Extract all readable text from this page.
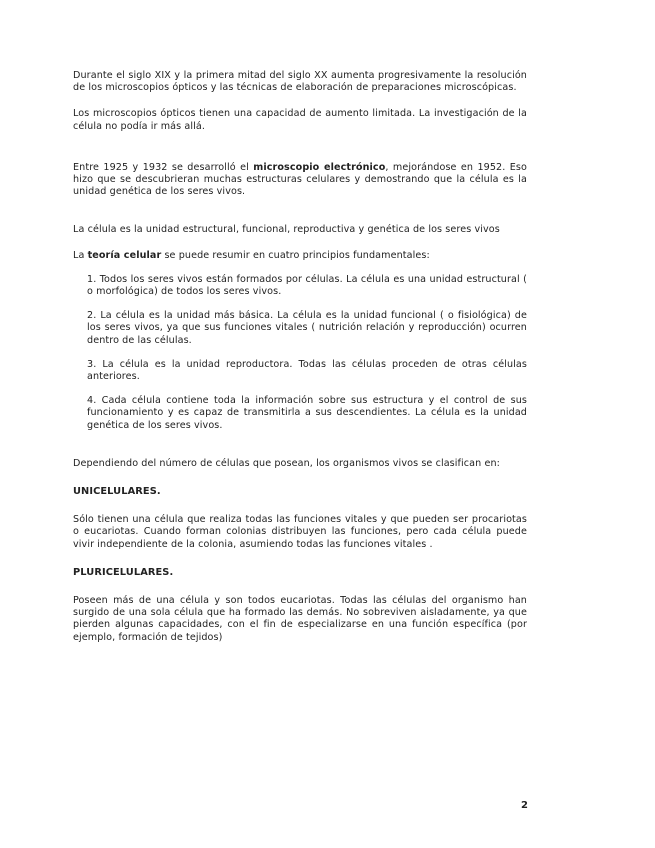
Durante el siglo XIX y la primera mitad del siglo XX aumenta progresivamente la resolución de los microscopios ópticos y las técnicas de elaboración de preparaciones microscópicas.

Los microscopios ópticos tienen una capacidad de aumento limitada. La investigación de la célula no podía ir más allá.

Entre 1925 y 1932 se desarrolló el microscopio electrónico, mejorándose en 1952. Eso hizo que se descubrieran muchas estructuras celulares y demostrando que la célula es la unidad genética de los seres vivos.

La célula es la unidad estructural, funcional, reproductiva y genética de los seres vivos

La teoría celular se puede resumir en cuatro principios fundamentales:

1. Todos los seres vivos están formados por células. La célula es una unidad estructural ( o morfológica) de todos los seres vivos.

2. La célula es la unidad más básica. La célula es la unidad funcional ( o fisiológica) de los seres vivos, ya que sus funciones vitales ( nutrición relación y reproducción) ocurren dentro de las células.

3. La célula es la unidad reproductora. Todas las células proceden de otras células anteriores.

4. Cada célula contiene toda la información sobre sus estructura y el control de sus funcionamiento y es capaz de transmitirla a sus descendientes. La célula es la unidad genética de los seres vivos.

Dependiendo del número de células que posean, los organismos vivos se clasifican en:

UNICELULARES.

Sólo tienen una célula que realiza todas las funciones vitales y que pueden ser procariotas o eucariotas. Cuando forman colonias distribuyen las funciones, pero cada célula puede vivir independiente de la colonia, asumiendo todas las funciones vitales .

PLURICELULARES.

Poseen más de una célula y son todos eucariotas. Todas las células del organismo han surgido de una sola célula que ha formado las demás. No sobreviven aisladamente, ya que pierden algunas capacidades, con el fin de especializarse en una función específica (por ejemplo, formación de tejidos)

2
